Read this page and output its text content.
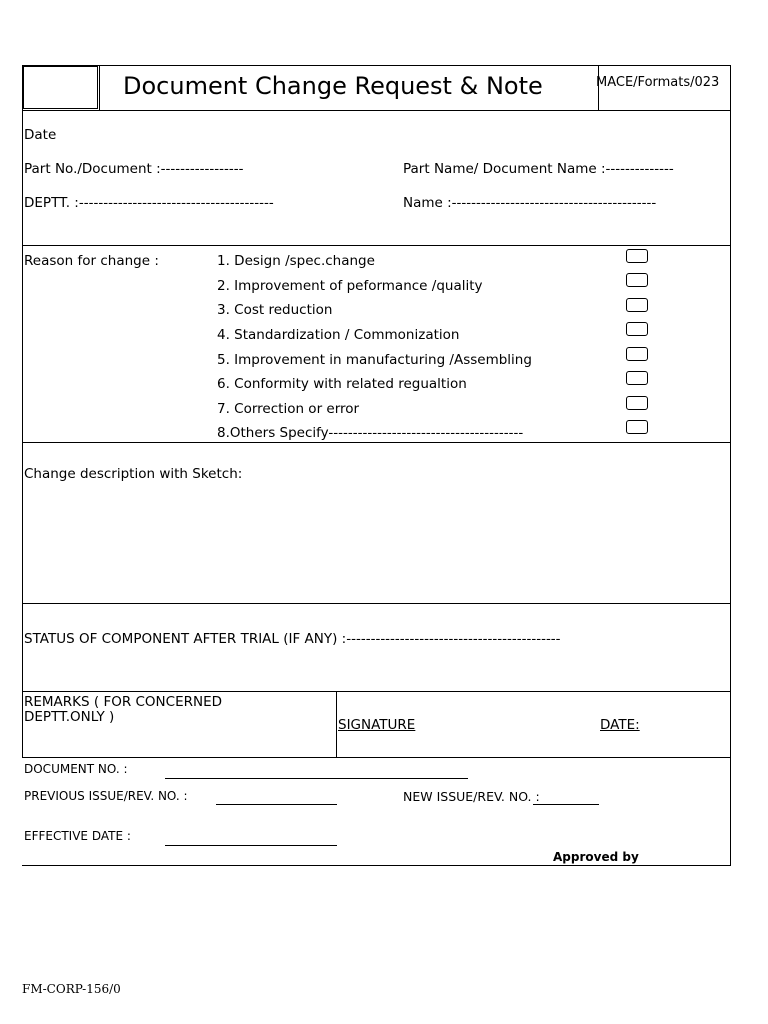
Document Change Request & Note	MACE/Formats/023
Date
Part No./Document :-----------------	Part Name/ Document Name :--------------
DEPTT. :----------------------------------------	Name :------------------------------------------
Reason for change :	1. Design /spec.change
2. Improvement of peformance /quality
3. Cost reduction
4. Standardization / Commonization
5. Improvement in manufacturing /Assembling
6. Conformity with related regualtion
7. Correction or error
8.Others Specify----------------------------------------
Change description with Sketch:
STATUS OF COMPONENT AFTER TRIAL (IF ANY) :--------------------------------------------
REMARKS ( FOR CONCERNED
DEPTT.ONLY )	SIGNATURE	DATE:
DOCUMENT NO. :
PREVIOUS ISSUE/REV. NO. :	NEW ISSUE/REV. NO. :
EFFECTIVE DATE :
Approved by
FM-CORP-156/0
